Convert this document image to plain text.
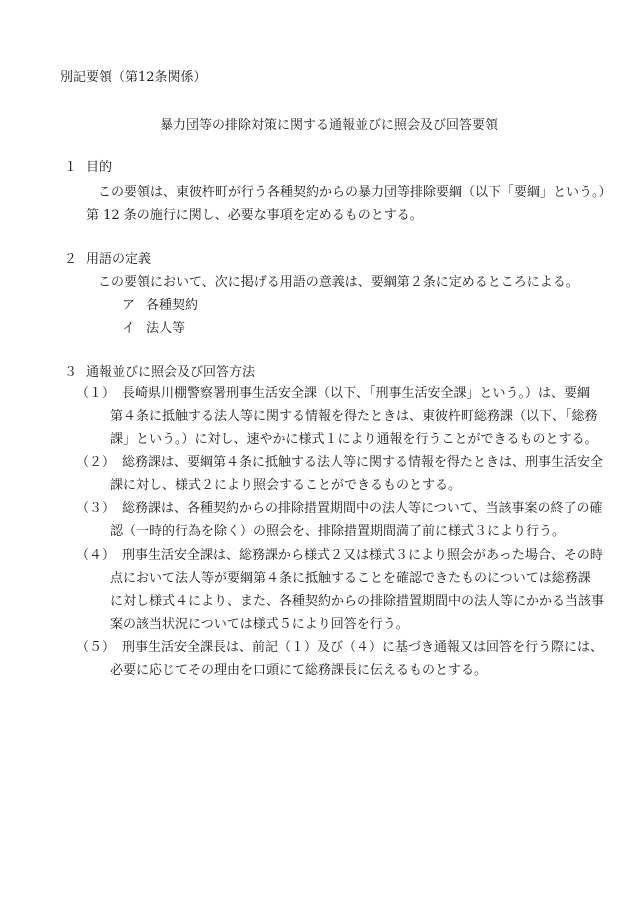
別記要領（第12条関係）
暴力団等の排除対策に関する通報並びに照会及び回答要領
１ 目的
この要領は、東彼杵町が行う各種契約からの暴力団等排除要綱（以下「要綱」という。）
第 12 条の施行に関し、必要な事項を定めるものとする。
２ 用語の定義
この要領において、次に掲げる用語の意義は、要綱第２条に定めるところによる。
ア 各種契約
イ 法人等
３ 通報並びに照会及び回答方法
（１） 長崎県川棚警察署刑事生活安全課（以下、「刑事生活安全課」という。）は、要綱
第４条に抵触する法人等に関する情報を得たときは、東彼杵町総務課（以下、「総務
課」という。）に対し、速やかに様式１により通報を行うことができるものとする。
（２） 総務課は、要綱第４条に抵触する法人等に関する情報を得たときは、刑事生活安全
課に対し、様式２により照会することができるものとする。
（３） 総務課は、各種契約からの排除措置期間中の法人等について、当該事案の終了の確
認（一時的行為を除く）の照会を、排除措置期間満了前に様式３により行う。
（４） 刑事生活安全課は、総務課から様式２又は様式３により照会があった場合、その時
点において法人等が要綱第４条に抵触することを確認できたものについては総務課
に対し様式４により、また、各種契約からの排除措置期間中の法人等にかかる当該事
案の該当状況については様式５により回答を行う。
（５） 刑事生活安全課長は、前記（１）及び（４）に基づき通報又は回答を行う際には、
必要に応じてその理由を口頭にて総務課長に伝えるものとする。
